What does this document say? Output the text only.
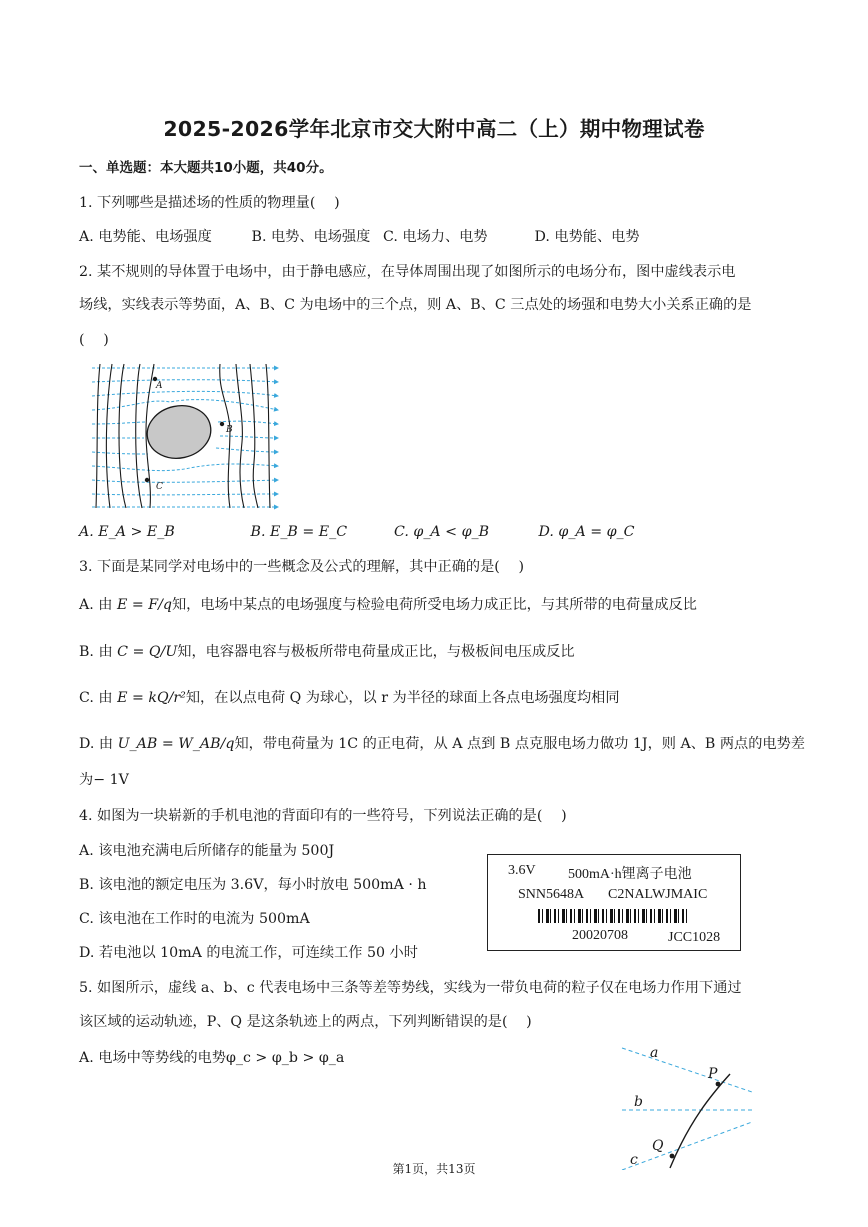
2025-2026学年北京市交大附中高二（上）期中物理试卷
一、单选题：本大题共10小题，共40分。
1. 下列哪些是描述场的性质的物理量(　 )
A. 电势能、电场强度	B. 电势、电场强度 C. 电场力、电势	D. 电势能、电势
2. 某不规则的导体置于电场中，由于静电感应，在导体周围出现了如图所示的电场分布，图中虚线表示电
场线，实线表示等势面，A、B、C 为电场中的三个点，则 A、B、C 三点处的场强和电势大小关系正确的是
(　 )
A
B
C
A. E_A > E_B	B. E_B = E_C	C. φ_A < φ_B	D. φ_A = φ_C
3. 下面是某同学对电场中的一些概念及公式的理解，其中正确的是(　 )
A. 由 E = F/q知，电场中某点的电场强度与检验电荷所受电场力成正比，与其所带的电荷量成反比
B. 由 C = Q/U知，电容器电容与极板所带电荷量成正比，与极板间电压成反比
C. 由 E = kQ/r²知，在以点电荷 Q 为球心，以 r 为半径的球面上各点电场强度均相同
D. 由 U_AB = W_AB/q知，带电荷量为 1C 的正电荷，从 A 点到 B 点克服电场力做功 1J，则 A、B 两点的电势差
为− 1V
4. 如图为一块崭新的手机电池的背面印有的一些符号，下列说法正确的是(　 )
A. 该电池充满电后所储存的能量为 500J
B. 该电池的额定电压为 3.6V，每小时放电 500mA · h
C. 该电池在工作时的电流为 500mA
D. 若电池以 10mA 的电流工作，可连续工作 50 小时
3.6V 500mA·h锂离子电池
SNN5648A C2NALWJMAIC
20020708	JCC1028
5. 如图所示，虚线 a、b、c 代表电场中三条等差等势线，实线为一带负电荷的粒子仅在电场力作用下通过
该区域的运动轨迹，P、Q 是这条轨迹上的两点，下列判断错误的是(　 )
A. 电场中等势线的电势φ_c > φ_b > φ_a	a
b
c
P
Q
第1页，共13页
